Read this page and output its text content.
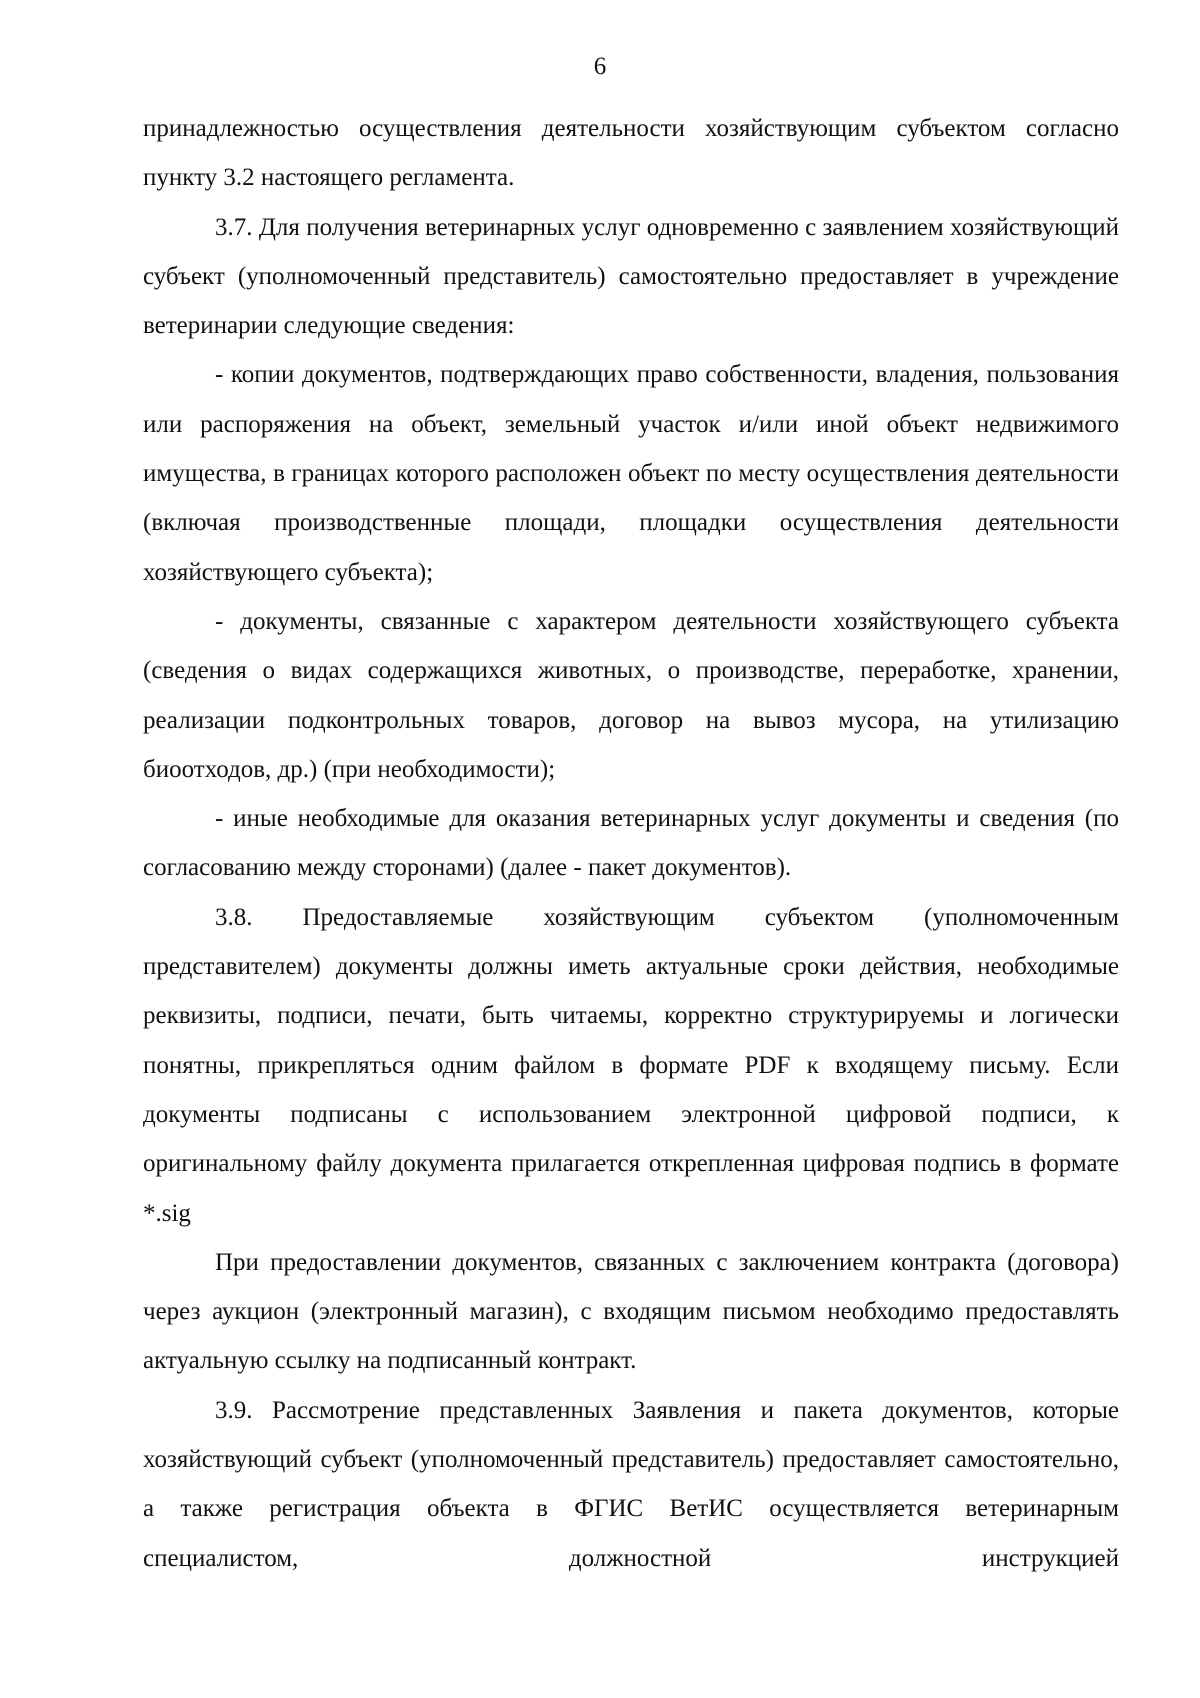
6

принадлежностью осуществления деятельности хозяйствующим субъектом согласно пункту 3.2 настоящего регламента.

3.7. Для получения ветеринарных услуг одновременно с заявлением хозяйствующий субъект (уполномоченный представитель) самостоятельно предоставляет в учреждение ветеринарии следующие сведения:

- копии документов, подтверждающих право собственности, владения, пользования или распоряжения на объект, земельный участок и/или иной объект недвижимого имущества, в границах которого расположен объект по месту осуществления деятельности (включая производственные площади, площадки осуществления деятельности хозяйствующего субъекта);

- документы, связанные с характером деятельности хозяйствующего субъекта (сведения о видах содержащихся животных, о производстве, переработке, хранении, реализации подконтрольных товаров, договор на вывоз мусора, на утилизацию биоотходов, др.) (при необходимости);

- иные необходимые для оказания ветеринарных услуг документы и сведения (по согласованию между сторонами) (далее - пакет документов).

3.8. Предоставляемые хозяйствующим субъектом (уполномоченным представителем) документы должны иметь актуальные сроки действия, необходимые реквизиты, подписи, печати, быть читаемы, корректно структурируемы и логически понятны, прикрепляться одним файлом в формате PDF к входящему письму. Если документы подписаны с использованием электронной цифровой подписи, к оригинальному файлу документа прилагается открепленная цифровая подпись в формате *.sig

При предоставлении документов, связанных с заключением контракта (договора) через аукцион (электронный магазин), с входящим письмом необходимо предоставлять актуальную ссылку на подписанный контракт.

3.9. Рассмотрение представленных Заявления и пакета документов, которые хозяйствующий субъект (уполномоченный представитель) предоставляет самостоятельно, а также регистрация объекта в ФГИС ВетИС осуществляется ветеринарным специалистом, должностной инструкцией
